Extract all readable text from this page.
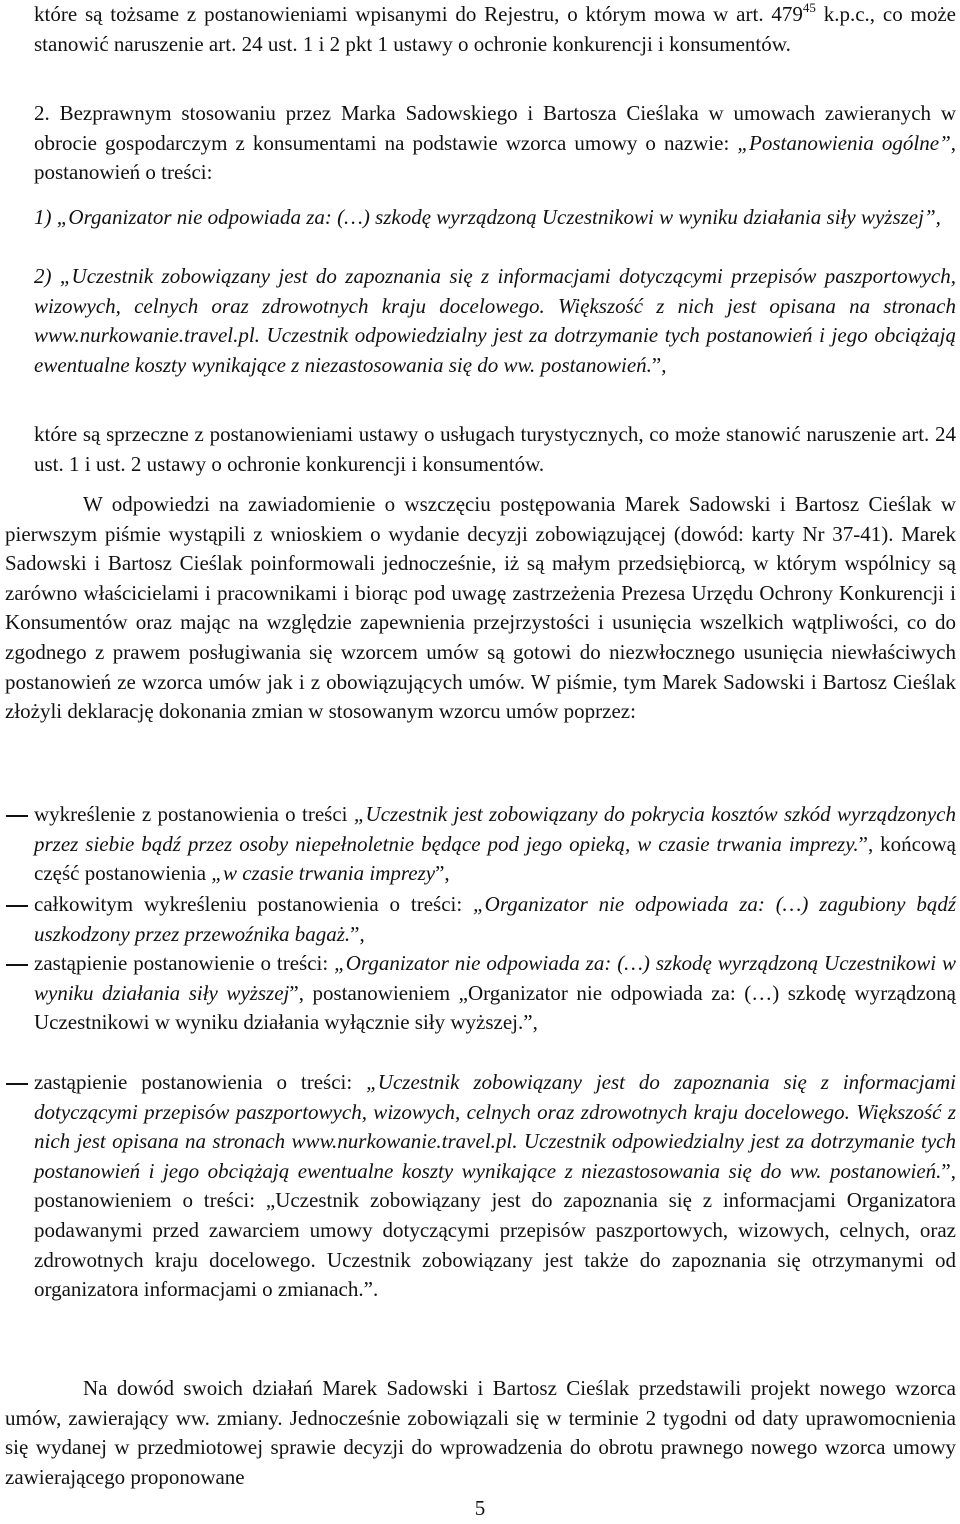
które są tożsame z postanowieniami wpisanymi do Rejestru, o którym mowa w art. $479^{45}$ k.p.c., co może stanowić naruszenie art. 24 ust. 1 i 2 pkt 1 ustawy o ochronie konkurencji i konsumentów.

2. Bezprawnym stosowaniu przez Marka Sadowskiego i Bartosza Cieślaka w umowach zawieranych w obrocie gospodarczym z konsumentami na podstawie wzorca umowy o nazwie: „Postanowienia ogólne”, postanowień o treści:

1) „Organizator nie odpowiada za: (…) szkodę wyrządzoną Uczestnikowi w wyniku działania siły wyższej”,

2) „Uczestnik zobowiązany jest do zapoznania się z informacjami dotyczącymi przepisów paszportowych, wizowych, celnych oraz zdrowotnych kraju docelowego. Większość z nich jest opisana na stronach www.nurkowanie.travel.pl. Uczestnik odpowiedzialny jest za dotrzymanie tych postanowień i jego obciążają ewentualne koszty wynikające z niezastosowania się do ww. postanowień.”,

które są sprzeczne z postanowieniami ustawy o usługach turystycznych, co może stanowić naruszenie art. 24 ust. 1 i ust. 2 ustawy o ochronie konkurencji i konsumentów.

W odpowiedzi na zawiadomienie o wszczęciu postępowania Marek Sadowski i Bartosz Cieślak w pierwszym piśmie wystąpili z wnioskiem o wydanie decyzji zobowiązującej (dowód: karty Nr 37-41). Marek Sadowski i Bartosz Cieślak poinformowali jednocześnie, iż są małym przedsiębiorcą, w którym wspólnicy są zarówno właścicielami i pracownikami i biorąc pod uwagę zastrzeżenia Prezesa Urzędu Ochrony Konkurencji i Konsumentów oraz mając na względzie zapewnienia przejrzystości i usunięcia wszelkich wątpliwości, co do zgodnego z prawem posługiwania się wzorcem umów są gotowi do niezwłocznego usunięcia niewłaściwych postanowień ze wzorca umów jak i z obowiązujących umów. W piśmie, tym Marek Sadowski i Bartosz Cieślak złożyli deklarację dokonania zmian w stosowanym wzorcu umów poprzez:

wykreślenie z postanowienia o treści „Uczestnik jest zobowiązany do pokrycia kosztów szkód wyrządzonych przez siebie bądź przez osoby niepełnoletnie będące pod jego opieką, w czasie trwania imprezy.”, końcową część postanowienia „w czasie trwania imprezy”,
całkowitym wykreśleniu postanowienia o treści: „Organizator nie odpowiada za: (…) zagubiony bądź uszkodzony przez przewoźnika bagaż.”,
zastąpienie postanowienie o treści: „Organizator nie odpowiada za: (…) szkodę wyrządzoną Uczestnikowi w wyniku działania siły wyższej”, postanowieniem „Organizator nie odpowiada za: (…) szkodę wyrządzoną Uczestnikowi w wyniku działania wyłącznie siły wyższej.”,
zastąpienie postanowienia o treści: „Uczestnik zobowiązany jest do zapoznania się z informacjami dotyczącymi przepisów paszportowych, wizowych, celnych oraz zdrowotnych kraju docelowego. Większość z nich jest opisana na stronach www.nurkowanie.travel.pl. Uczestnik odpowiedzialny jest za dotrzymanie tych postanowień i jego obciążają ewentualne koszty wynikające z niezastosowania się do ww. postanowień.”, postanowieniem o treści: „Uczestnik zobowiązany jest do zapoznania się z informacjami Organizatora podawanymi przed zawarciem umowy dotyczącymi przepisów paszportowych, wizowych, celnych, oraz zdrowotnych kraju docelowego. Uczestnik zobowiązany jest także do zapoznania się otrzymanymi od organizatora informacjami o zmianach.”.

Na dowód swoich działań Marek Sadowski i Bartosz Cieślak przedstawili projekt nowego wzorca umów, zawierający ww. zmiany. Jednocześnie zobowiązali się w terminie 2 tygodni od daty uprawomocnienia się wydanej w przedmiotowej sprawie decyzji do wprowadzenia do obrotu prawnego nowego wzorca umowy zawierającego proponowane

5
